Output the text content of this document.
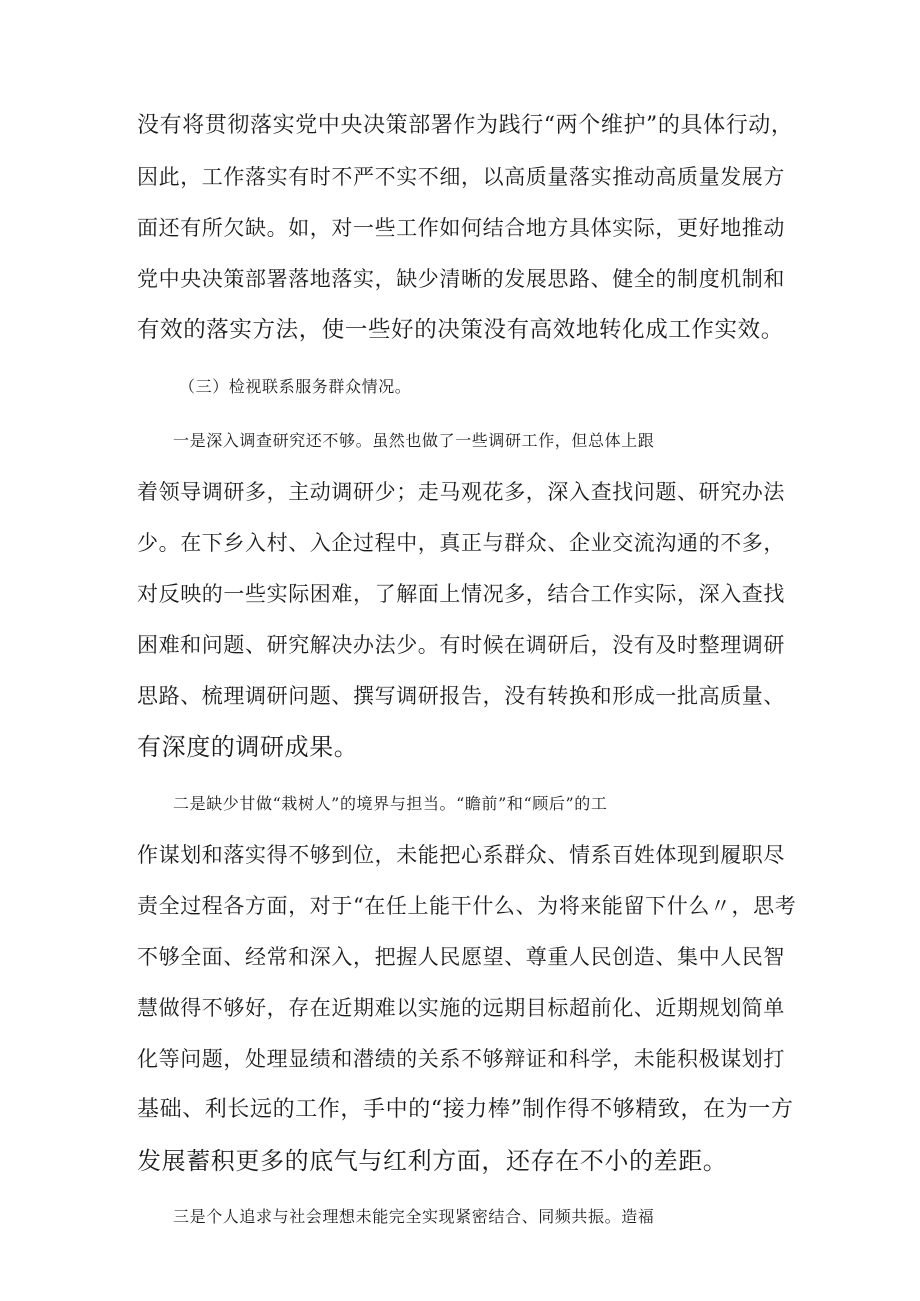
没有将贯彻落实党中央决策部署作为践行“两个维护”的具体行动，
因此，工作落实有时不严不实不细，以高质量落实推动高质量发展方
面还有所欠缺。如，对一些工作如何结合地方具体实际，更好地推动
党中央决策部署落地落实，缺少清晰的发展思路、健全的制度机制和
有效的落实方法，使一些好的决策没有高效地转化成工作实效。
（三）检视联系服务群众情况。
一是深入调查研究还不够。虽然也做了一些调研工作，但总体上跟
着领导调研多，主动调研少；走马观花多，深入查找问题、研究办法
少。在下乡入村、入企过程中，真正与群众、企业交流沟通的不多，
对反映的一些实际困难，了解面上情况多，结合工作实际，深入查找
困难和问题、研究解决办法少。有时候在调研后，没有及时整理调研
思路、梳理调研问题、撰写调研报告，没有转换和形成一批高质量、
有深度的调研成果。
二是缺少甘做“栽树人”的境界与担当。“瞻前”和“顾后”的工
作谋划和落实得不够到位，未能把心系群众、情系百姓体现到履职尽
责全过程各方面，对于“在任上能干什么、为将来能留下什么〃，思考
不够全面、经常和深入，把握人民愿望、尊重人民创造、集中人民智
慧做得不够好，存在近期难以实施的远期目标超前化、近期规划简单
化等问题，处理显绩和潜绩的关系不够辩证和科学，未能积极谋划打
基础、利长远的工作，手中的“接力棒”制作得不够精致，在为一方
发展蓄积更多的底气与红利方面，还存在不小的差距。
三是个人追求与社会理想未能完全实现紧密结合、同频共振。造福
